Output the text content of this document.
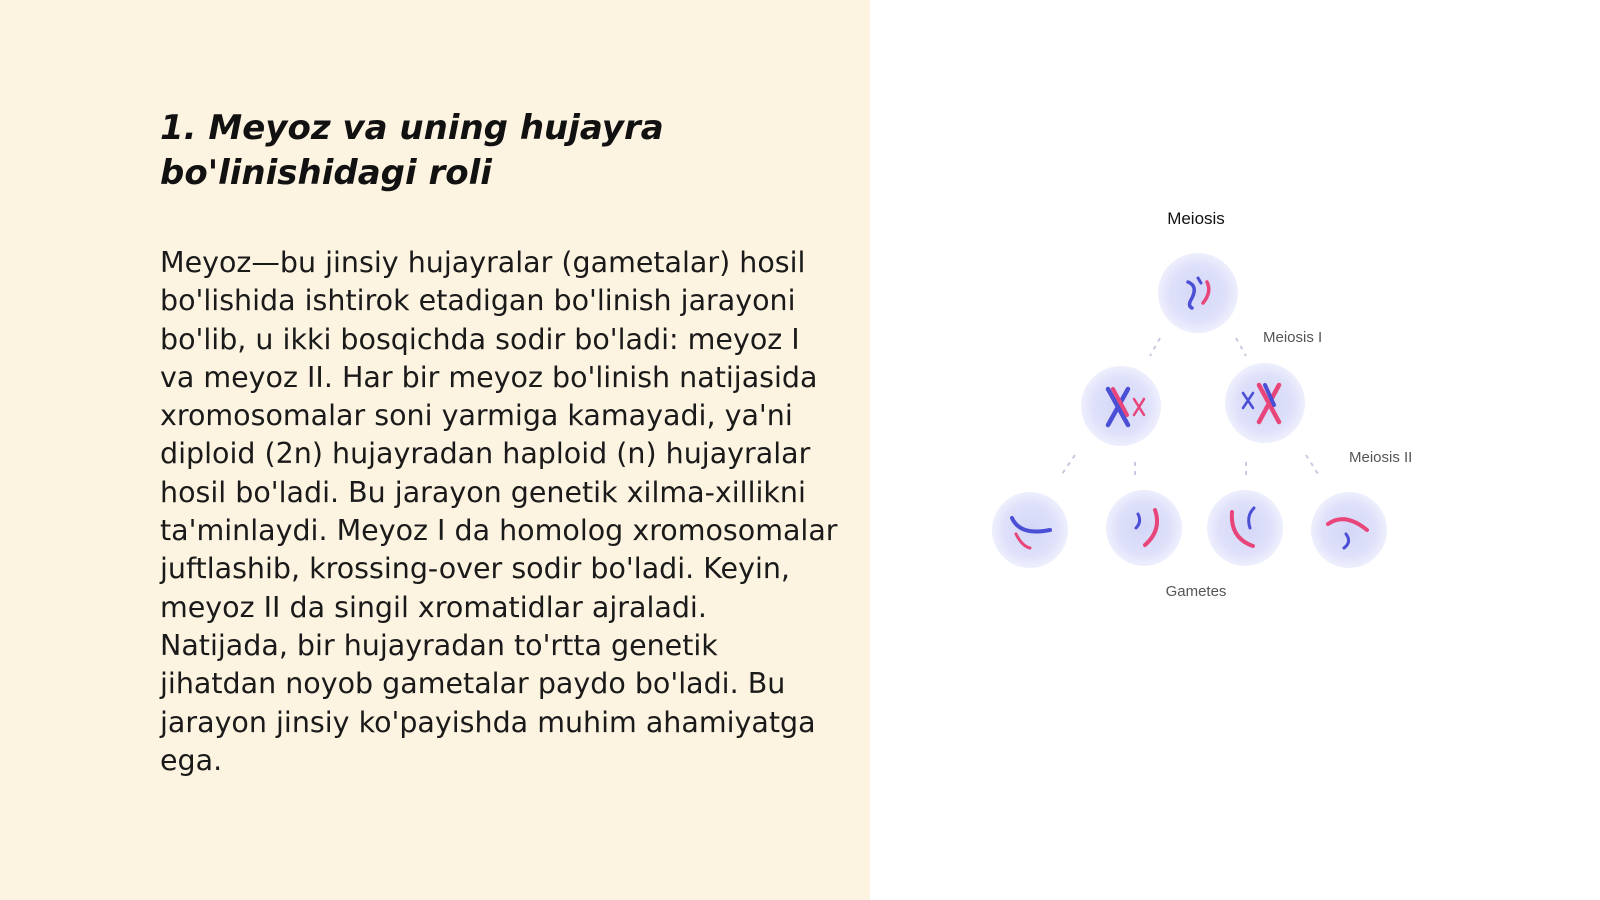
1. Meyoz va uning hujayra bo'linishidagi roli

Meyoz—bu jinsiy hujayralar (gametalar) hosil bo'lishida ishtirok etadigan bo'linish jarayoni bo'lib, u ikki bosqichda sodir bo'ladi: meyoz I va meyoz II. Har bir meyoz bo'linish natijasida xromosomalar soni yarmiga kamayadi, ya'ni diploid (2n) hujayradan haploid (n) hujayralar hosil bo'ladi. Bu jarayon genetik xilma-xillikni ta'minlaydi. Meyoz I da homolog xromosomalar juftlashib, krossing-over sodir bo'ladi. Keyin, meyoz II da singil xromatidlar ajraladi. Natijada, bir hujayradan to'rtta genetik jihatdan noyob gametalar paydo bo'ladi. Bu jarayon jinsiy ko'payishda muhim ahamiyatga ega.

Meiosis
Meiosis I
Meiosis II
Gametes
